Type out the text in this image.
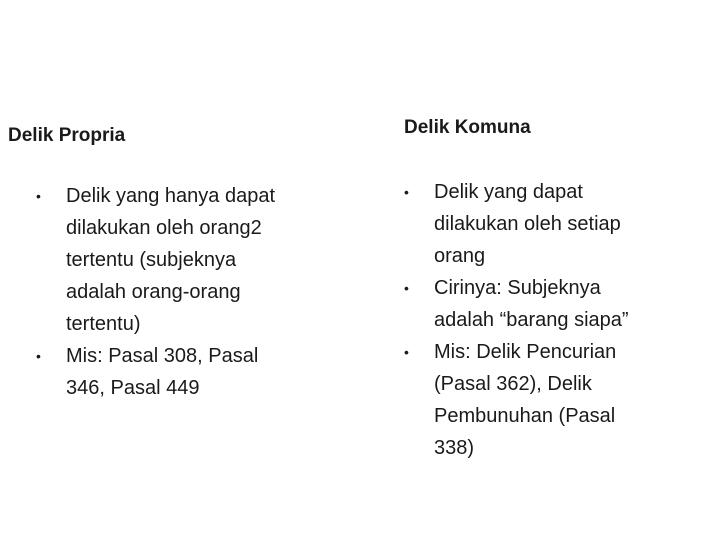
Delik Propria
•	Delik yang hanya dapat dilakukan oleh orang2 tertentu (subjeknya adalah orang-orang tertentu)
•	Mis: Pasal 308, Pasal 346, Pasal 449
Delik Komuna
•	Delik yang dapat dilakukan oleh setiap orang
•	Cirinya: Subjeknya adalah “barang siapa”
•	Mis: Delik Pencurian (Pasal 362), Delik Pembunuhan (Pasal 338)
